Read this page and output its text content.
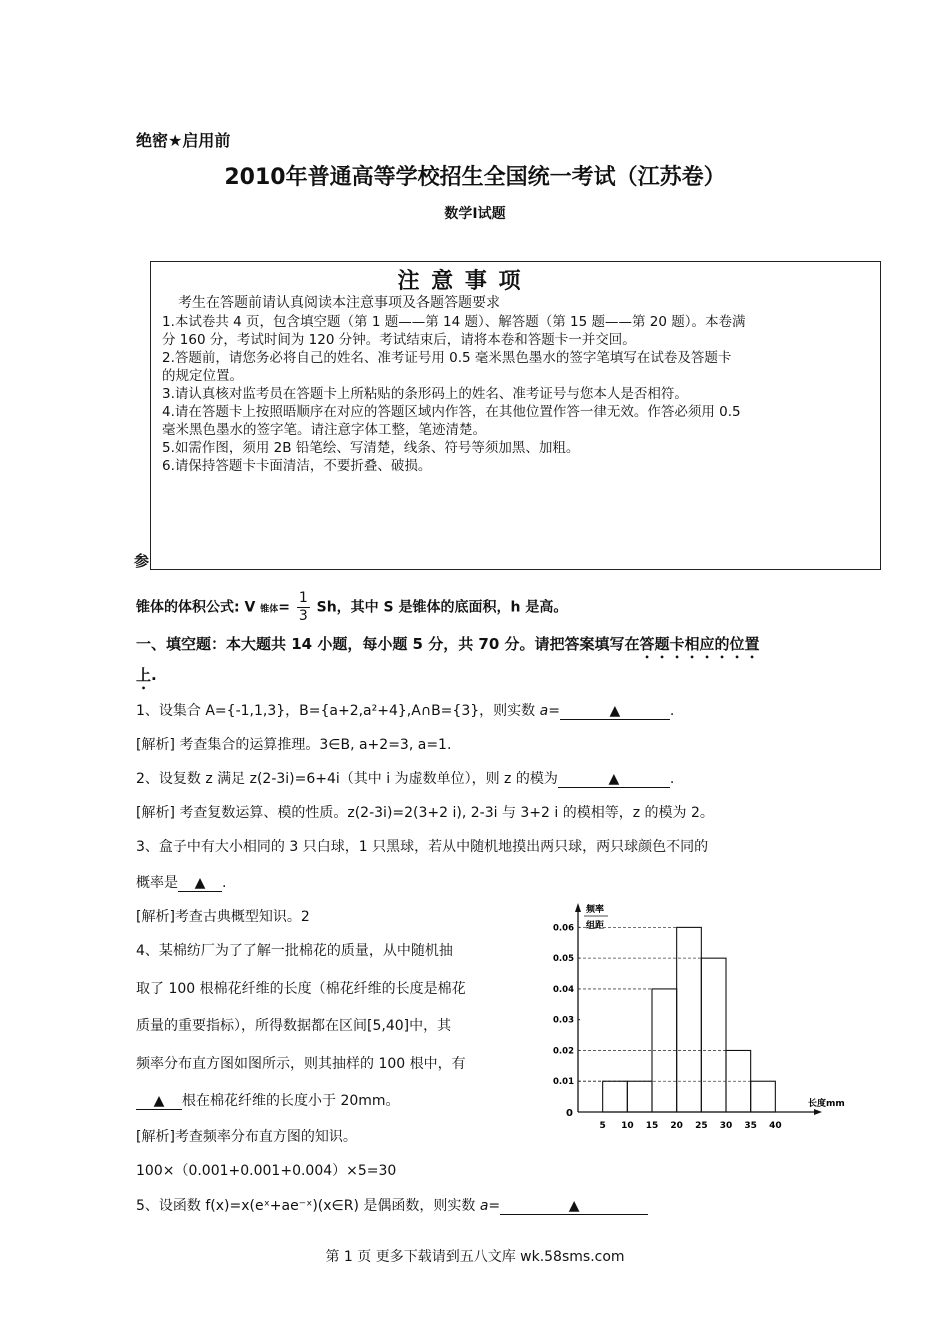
绝密★启用前
2010年普通高等学校招生全国统一考试（江苏卷）
数学Ⅰ试题
注 意 事 项
考生在答题前请认真阅读本注意事项及各题答题要求
1.本试卷共 4 页，包含填空题（第 1 题——第 14 题）、解答题（第 15 题——第 20 题）。本卷满
分 160 分，考试时间为 120 分钟。考试结束后，请将本卷和答题卡一并交回。
2.答题前，请您务必将自己的姓名、准考证号用 0.5 毫米黑色墨水的签字笔填写在试卷及答题卡
的规定位置。
3.请认真核对监考员在答题卡上所粘贴的条形码上的姓名、准考证号与您本人是否相符。
4.请在答题卡上按照晤顺序在对应的答题区域内作答，在其他位置作答一律无效。作答必须用 0.5
毫米黑色墨水的签字笔。请注意字体工整，笔迹清楚。
5.如需作图，须用 2B 铅笔绘、写清楚，线条、符号等须加黑、加粗。
6.请保持答题卡卡面清洁，不要折叠、破损。
参
锥体的体积公式: V 锥体= $\frac{1}{3}$ Sh，其中 S 是锥体的底面积，h 是高。
一、填空题：本大题共 14 小题，每小题 5 分，共 70 分。请把答案填写在答题卡相应的位置
上.
1、设集合 A={-1,1,3}，B={a+2,a²+4},A∩B={3}，则实数 a=	▲	.
[解析] 考查集合的运算推理。3∈B, a+2=3, a=1.
2、设复数 z 满足 z(2-3i)=6+4i（其中 i 为虚数单位），则 z 的模为	▲	.
[解析] 考查复数运算、模的性质。z(2-3i)=2(3+2 i), 2-3i 与 3+2 i 的模相等，z 的模为 2。
3、盒子中有大小相同的 3 只白球，1 只黑球，若从中随机地摸出两只球，两只球颜色不同的
概率是 ▲ .
[解析]考查古典概型知识。2
4、某棉纺厂为了了解一批棉花的质量，从中随机抽
取了 100 根棉花纤维的长度（棉花纤维的长度是棉花
质量的重要指标），所得数据都在区间[5,40]中，其
频率分布直方图如图所示，则其抽样的 100 根中，有
▲ 根在棉花纤维的长度小于 20mm。
[解析]考查频率分布直方图的知识。
100×（0.001+0.001+0.004）×5=30
5、设函数 f(x)=x(eˣ+ae⁻ˣ)(x∈R) 是偶函数，则实数 a=	▲
频率
组距
0
0.01
0.02
0.03
0.04
0.05
0.06
5 10 15 20 25 30 35 40
长度mm
第 1 页 更多下载请到五八文库 wk.58sms.com
